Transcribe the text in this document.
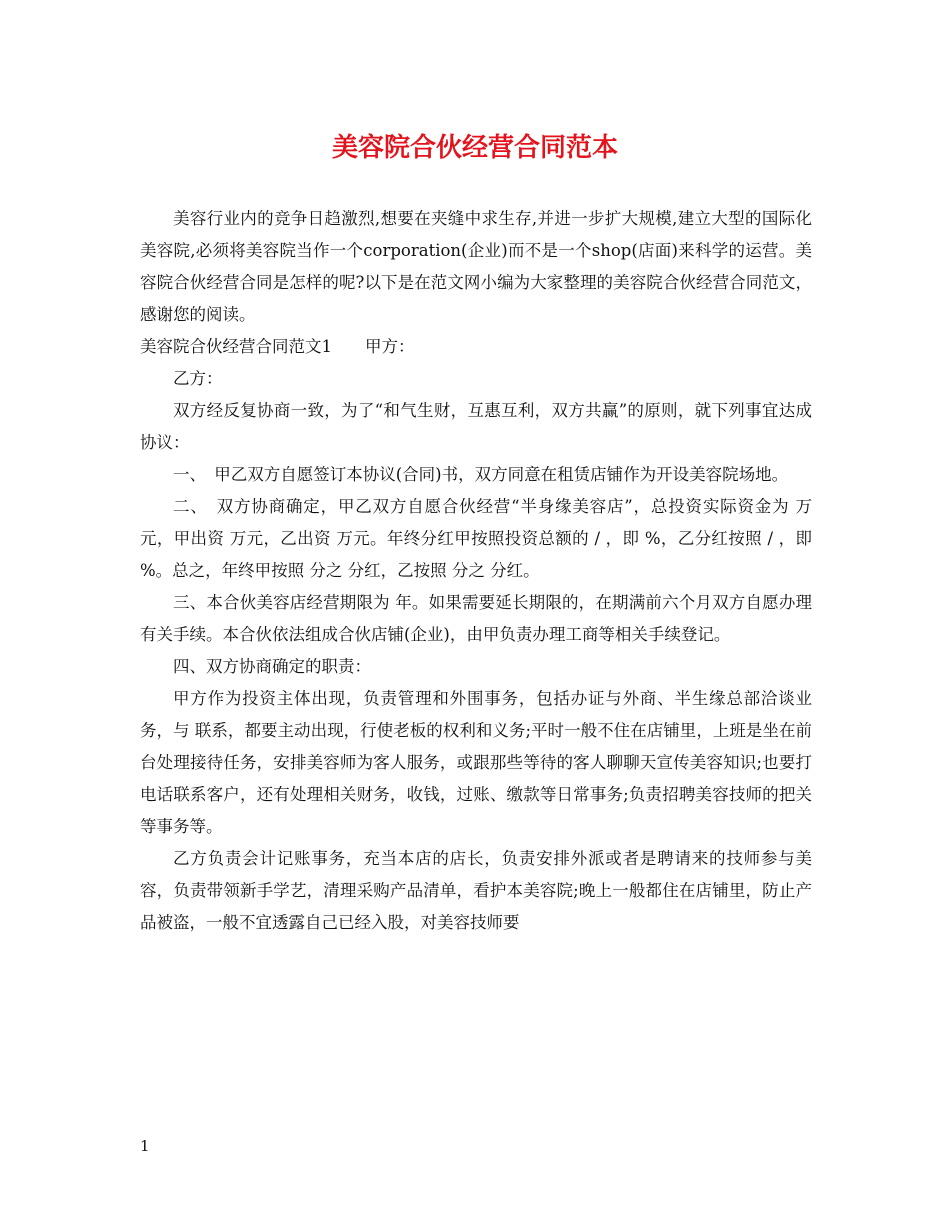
美容院合伙经营合同范本

美容行业内的竞争日趋激烈,想要在夹缝中求生存,并进一步扩大规模,建立大型的国际化美容院,必须将美容院当作一个corporation(企业)而不是一个shop(店面)来科学的运营。美容院合伙经营合同是怎样的呢?以下是在范文网小编为大家整理的美容院合伙经营合同范文，感谢您的阅读。

美容院合伙经营合同范文1　　甲方：

乙方：

双方经反复协商一致，为了“和气生财，互惠互利，双方共赢”的原则，就下列事宜达成协议：

一、　甲乙双方自愿签订本协议(合同)书，双方同意在租赁店铺作为开设美容院场地。

二、　双方协商确定，甲乙双方自愿合伙经营“半身缘美容店”，总投资实际资金为 万元，甲出资 万元，乙出资 万元。年终分红甲按照投资总额的 / ，即 %，乙分红按照 / ，即 %。总之，年终甲按照 分之 分红，乙按照 分之 分红。

三、本合伙美容店经营期限为 年。如果需要延长期限的，在期满前六个月双方自愿办理有关手续。本合伙依法组成合伙店铺(企业)，由甲负责办理工商等相关手续登记。

四、双方协商确定的职责：

甲方作为投资主体出现，负责管理和外围事务，包括办证与外商、半生缘总部洽谈业务，与 联系，都要主动出现，行使老板的权利和义务;平时一般不住在店铺里，上班是坐在前台处理接待任务，安排美容师为客人服务，或跟那些等待的客人聊聊天宣传美容知识;也要打电话联系客户，还有处理相关财务，收钱，过账、缴款等日常事务;负责招聘美容技师的把关等事务等。

乙方负责会计记账事务，充当本店的店长，负责安排外派或者是聘请来的技师参与美容，负责带领新手学艺，清理采购产品清单，看护本美容院;晚上一般都住在店铺里，防止产品被盗，一般不宜透露自己已经入股，对美容技师要

1
